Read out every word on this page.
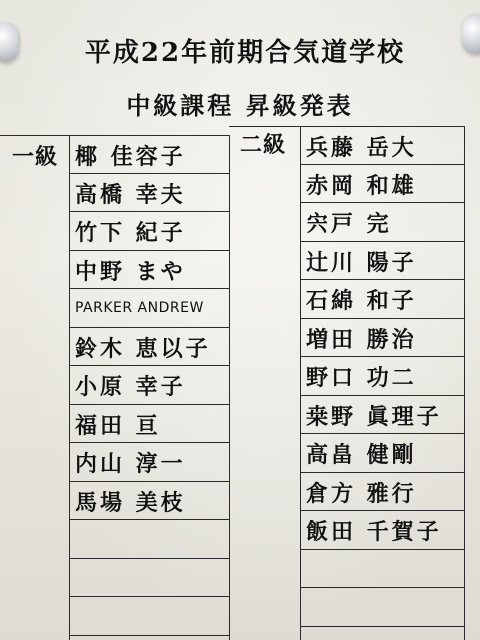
平成22年前期合気道学校
中級課程 昇級発表
一級	二級
椰 佳容子
高橋 幸夫
竹下 紀子
中野 まや
PARKER ANDREW
鈴木 恵以子
小原 幸子
福田 亘
内山 淳一
馬場 美枝
兵藤 岳大
赤岡 和雄
宍戸 完
辻川 陽子
石綿 和子
増田 勝治
野口 功二
桒野 眞理子
高畠 健剛
倉方 雅行
飯田 千賀子
